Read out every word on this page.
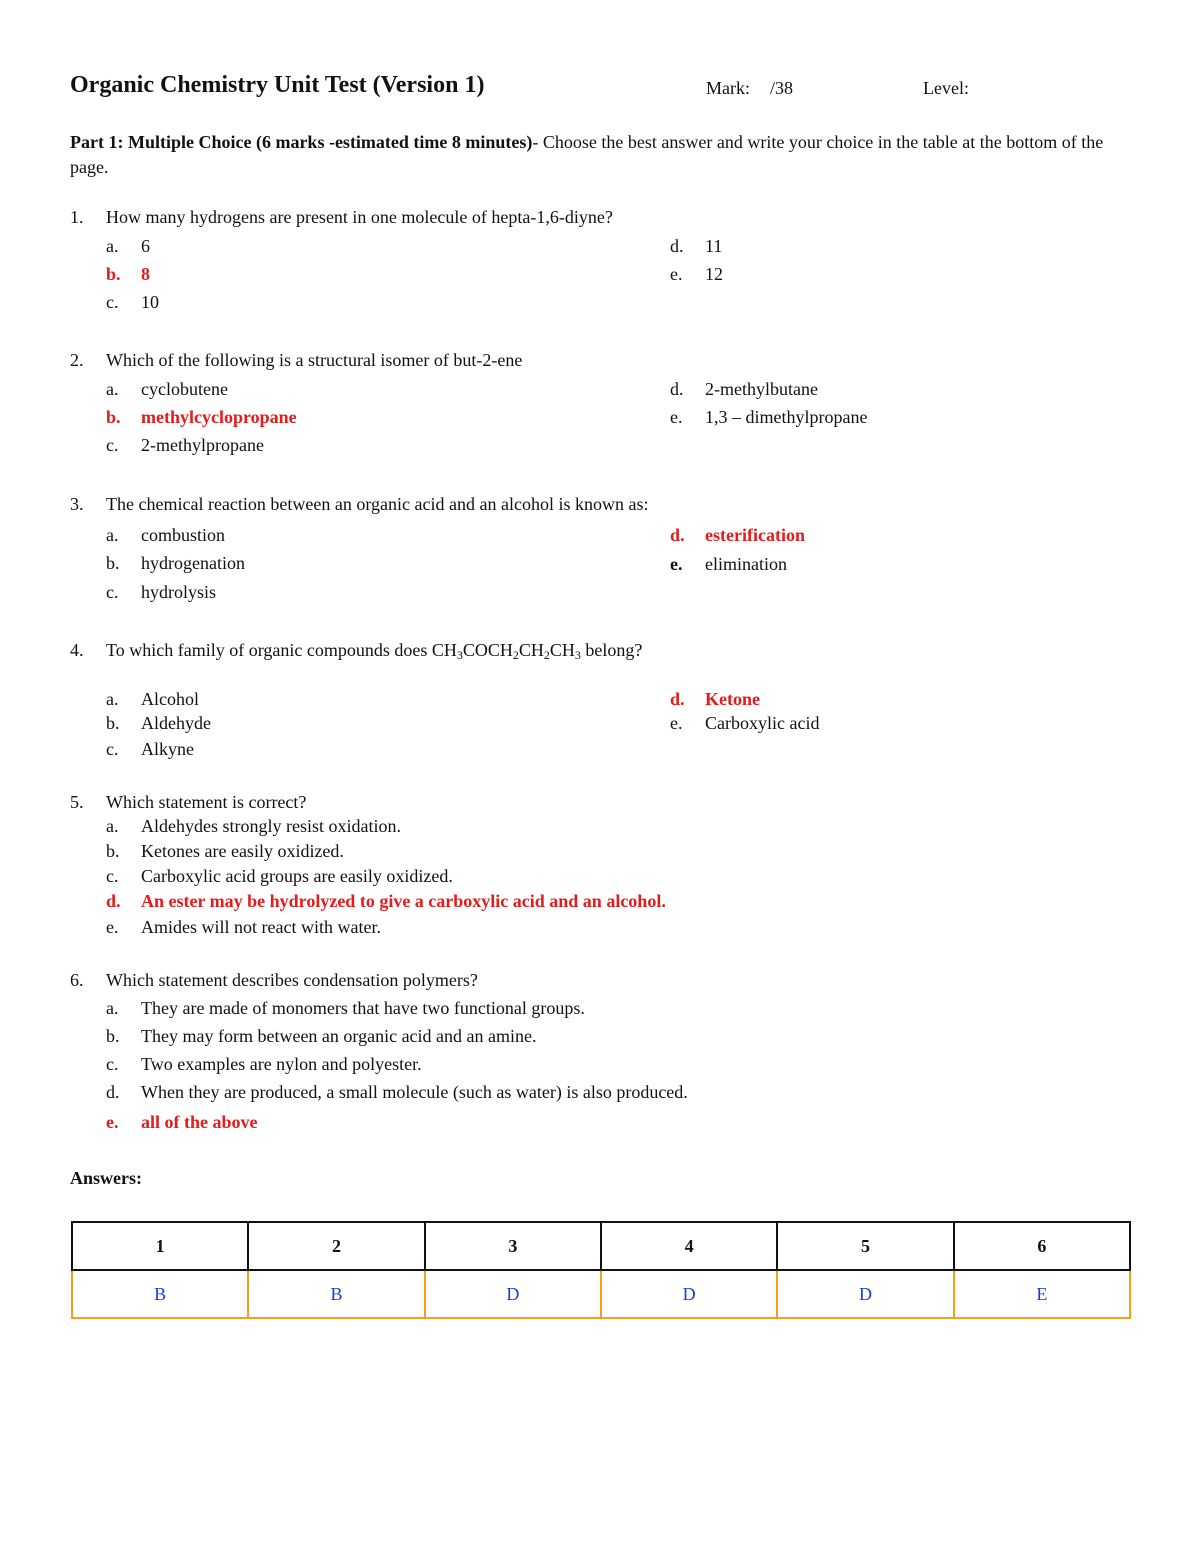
Organic Chemistry Unit Test (Version 1)	Mark: /38	Level:
Part 1: Multiple Choice (6 marks -estimated time 8 minutes)- Choose the best answer and write your choice in the table at the bottom of the page.
1. How many hydrogens are present in one molecule of hepta-1,6-diyne?
a. 6
b. 8
c. 10
d. 11
e. 12
2. Which of the following is a structural isomer of but-2-ene
a. cyclobutene
b. methylcyclopropane
c. 2-methylpropane
d. 2-methylbutane
e. 1,3 – dimethylpropane
3. The chemical reaction between an organic acid and an alcohol is known as:
a. combustion
b. hydrogenation
c. hydrolysis
d. esterification
e. elimination
4. To which family of organic compounds does $CH_3COCH_2CH_2CH_3$ belong?
a. Alcohol
b. Aldehyde
c. Alkyne
d. Ketone
e. Carboxylic acid
5. Which statement is correct?
a. Aldehydes strongly resist oxidation.
b. Ketones are easily oxidized.
c. Carboxylic acid groups are easily oxidized.
d. An ester may be hydrolyzed to give a carboxylic acid and an alcohol.
e. Amides will not react with water.
6. Which statement describes condensation polymers?
a. They are made of monomers that have two functional groups.
b. They may form between an organic acid and an amine.
c. Two examples are nylon and polyester.
d. When they are produced, a small molecule (such as water) is also produced.
e. all of the above
Answers:
1	2	3	4	5	6
B	B	D	D	D	E
